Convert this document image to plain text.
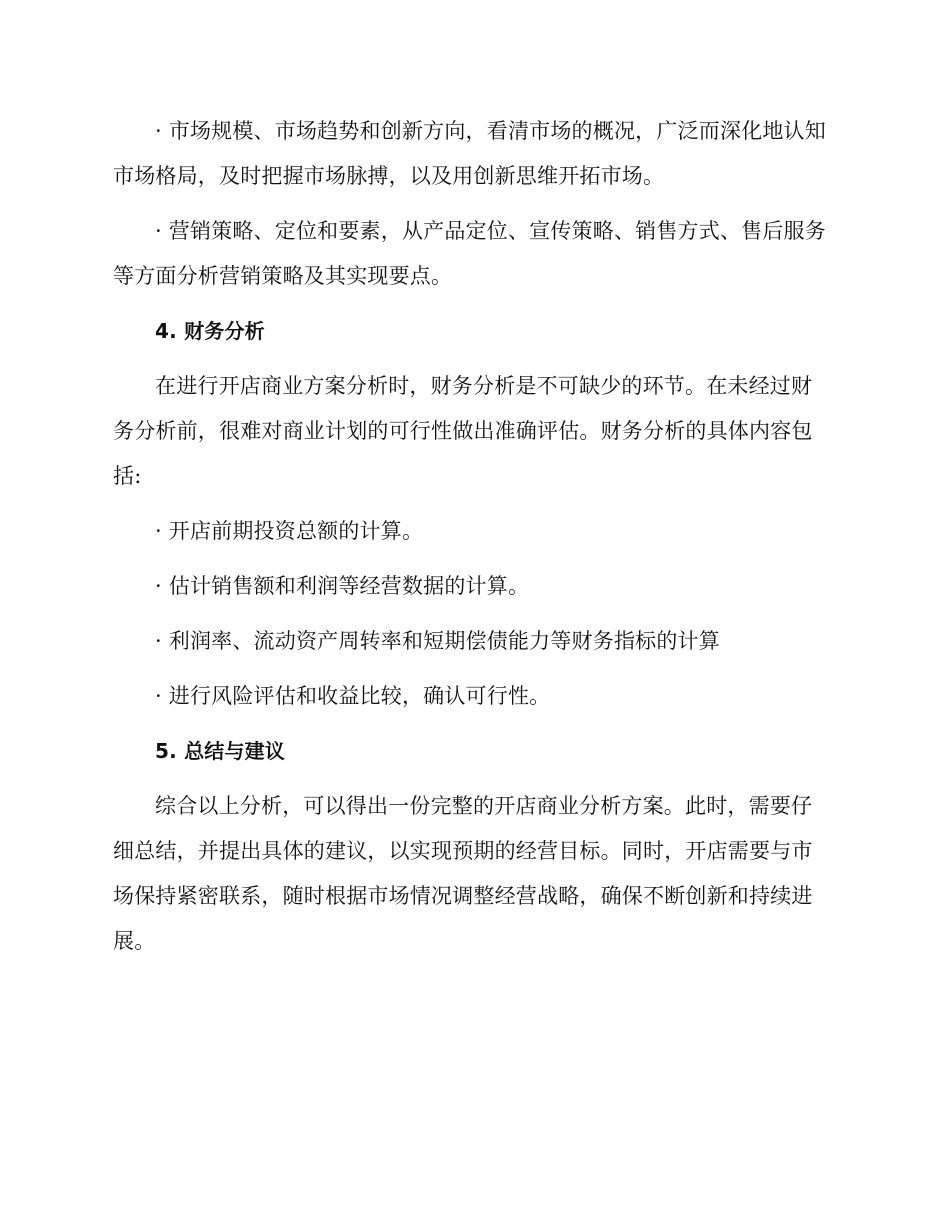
· 市场规模、市场趋势和创新方向，看清市场的概况，广泛而深化地认知市场格局，及时把握市场脉搏，以及用创新思维开拓市场。

· 营销策略、定位和要素，从产品定位、宣传策略、销售方式、售后服务等方面分析营销策略及其实现要点。

4. 财务分析

在进行开店商业方案分析时，财务分析是不可缺少的环节。在未经过财务分析前，很难对商业计划的可行性做出准确评估。财务分析的具体内容包括:

· 开店前期投资总额的计算。

· 估计销售额和利润等经营数据的计算。

· 利润率、流动资产周转率和短期偿债能力等财务指标的计算

· 进行风险评估和收益比较，确认可行性。

5. 总结与建议

综合以上分析，可以得出一份完整的开店商业分析方案。此时，需要仔细总结，并提出具体的建议，以实现预期的经营目标。同时，开店需要与市场保持紧密联系，随时根据市场情况调整经营战略，确保不断创新和持续进展。
